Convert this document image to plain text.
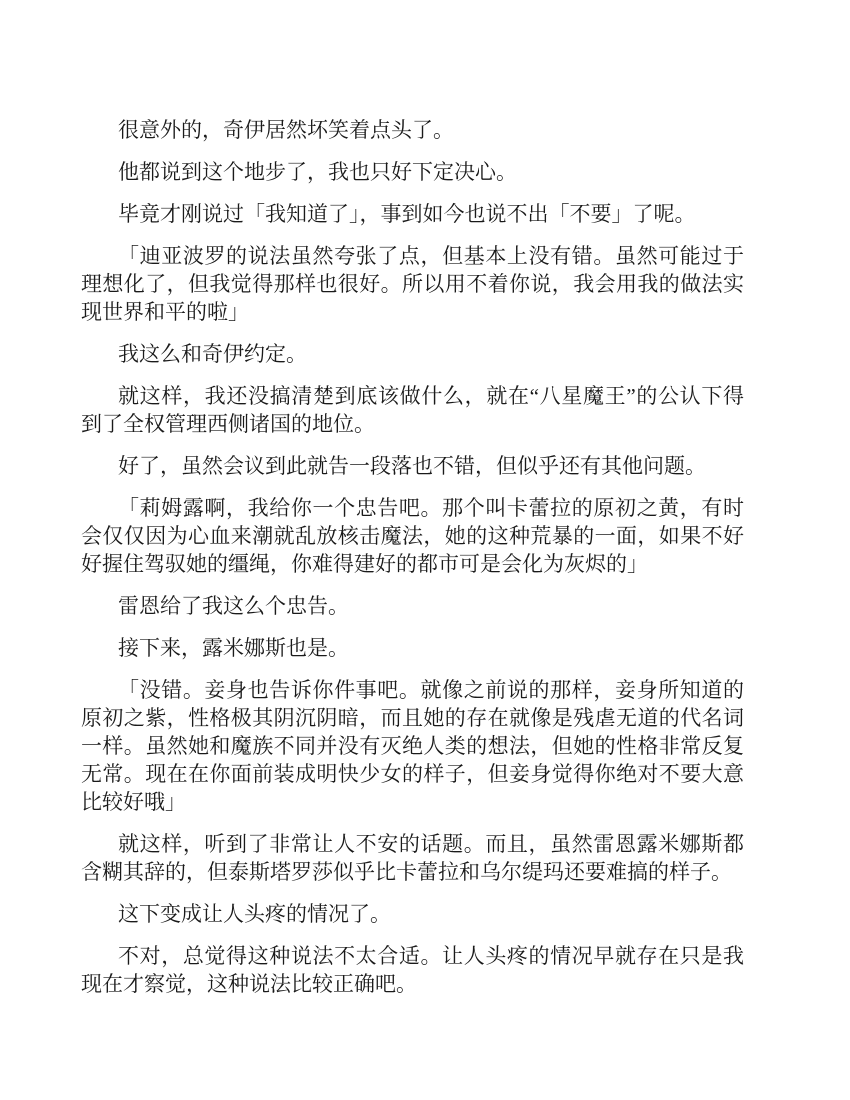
很意外的，奇伊居然坏笑着点头了。

他都说到这个地步了，我也只好下定决心。

毕竟才刚说过「我知道了」，事到如今也说不出「不要」了呢。

「迪亚波罗的说法虽然夸张了点，但基本上没有错。虽然可能过于理想化了，但我觉得那样也很好。所以用不着你说，我会用我的做法实现世界和平的啦」

我这么和奇伊约定。

就这样，我还没搞清楚到底该做什么，就在“八星魔王”的公认下得到了全权管理西侧诸国的地位。

好了，虽然会议到此就告一段落也不错，但似乎还有其他问题。

「莉姆露啊，我给你一个忠告吧。那个叫卡蕾拉的原初之黄，有时会仅仅因为心血来潮就乱放核击魔法，她的这种荒暴的一面，如果不好好握住驾驭她的缰绳，你难得建好的都市可是会化为灰烬的」

雷恩给了我这么个忠告。

接下来，露米娜斯也是。

「没错。妾身也告诉你件事吧。就像之前说的那样，妾身所知道的原初之紫，性格极其阴沉阴暗，而且她的存在就像是残虐无道的代名词一样。虽然她和魔族不同并没有灭绝人类的想法，但她的性格非常反复无常。现在在你面前装成明快少女的样子，但妾身觉得你绝对不要大意比较好哦」

就这样，听到了非常让人不安的话题。而且，虽然雷恩露米娜斯都含糊其辞的，但泰斯塔罗莎似乎比卡蕾拉和乌尔缇玛还要难搞的样子。

这下变成让人头疼的情况了。

不对，总觉得这种说法不太合适。让人头疼的情况早就存在只是我现在才察觉，这种说法比较正确吧。
